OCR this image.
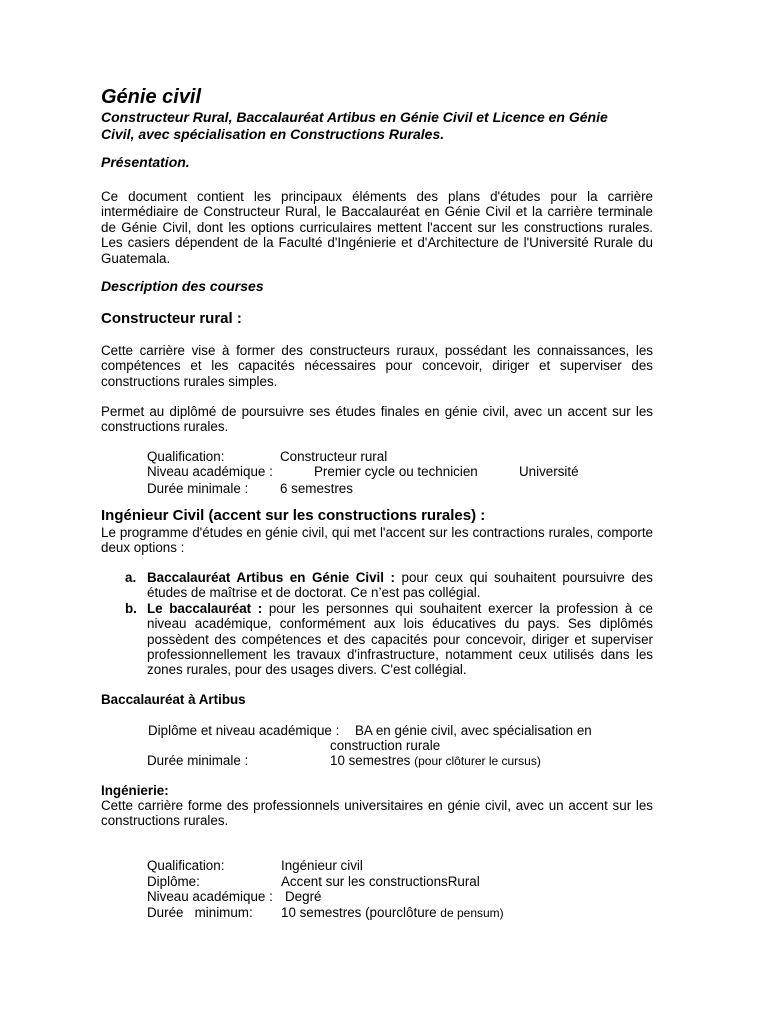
Génie civil
Constructeur Rural, Baccalauréat Artibus en Génie Civil et Licence en Génie Civil, avec spécialisation en Constructions Rurales.
Présentation.
Ce document contient les principaux éléments des plans d'études pour la carrière intermédiaire de Constructeur Rural, le Baccalauréat en Génie Civil et la carrière terminale de Génie Civil, dont les options curriculaires mettent l'accent sur les constructions rurales. Les casiers dépendent de la Faculté d'Ingénierie et d'Architecture de l'Université Rurale du Guatemala.
Description des courses
Constructeur rural :
Cette carrière vise à former des constructeurs ruraux, possédant les connaissances, les compétences et les capacités nécessaires pour concevoir, diriger et superviser des constructions rurales simples.
Permet au diplômé de poursuivre ses études finales en génie civil, avec un accent sur les constructions rurales.
Qualification:	Constructeur rural
Niveau académique :	Premier cycle ou technicien	Université
Durée minimale : 6 semestres
Ingénieur Civil (accent sur les constructions rurales) :
Le programme d'études en génie civil, qui met l'accent sur les contractions rurales, comporte deux options :
a. Baccalauréat Artibus en Génie Civil : pour ceux qui souhaitent poursuivre des études de maîtrise et de doctorat. Ce n’est pas collégial.
b. Le baccalauréat : pour les personnes qui souhaitent exercer la profession à ce niveau académique, conformément aux lois éducatives du pays. Ses diplômés possèdent des compétences et des capacités pour concevoir, diriger et superviser professionnellement les travaux d'infrastructure, notamment ceux utilisés dans les zones rurales, pour des usages divers. C'est collégial.
Baccalauréat à Artibus
Diplôme et niveau académique : BA en génie civil, avec spécialisation en
construction rurale
Durée minimale :	10 semestres (pour clôturer le cursus)
Ingénierie:
Cette carrière forme des professionnels universitaires en génie civil, avec un accent sur les constructions rurales.
Qualification:	Ingénieur civil
Diplôme:	Accent sur les constructionsRural
Niveau académique : Degré
Durée   minimum: 10 semestres (pourclôture de pensum)
